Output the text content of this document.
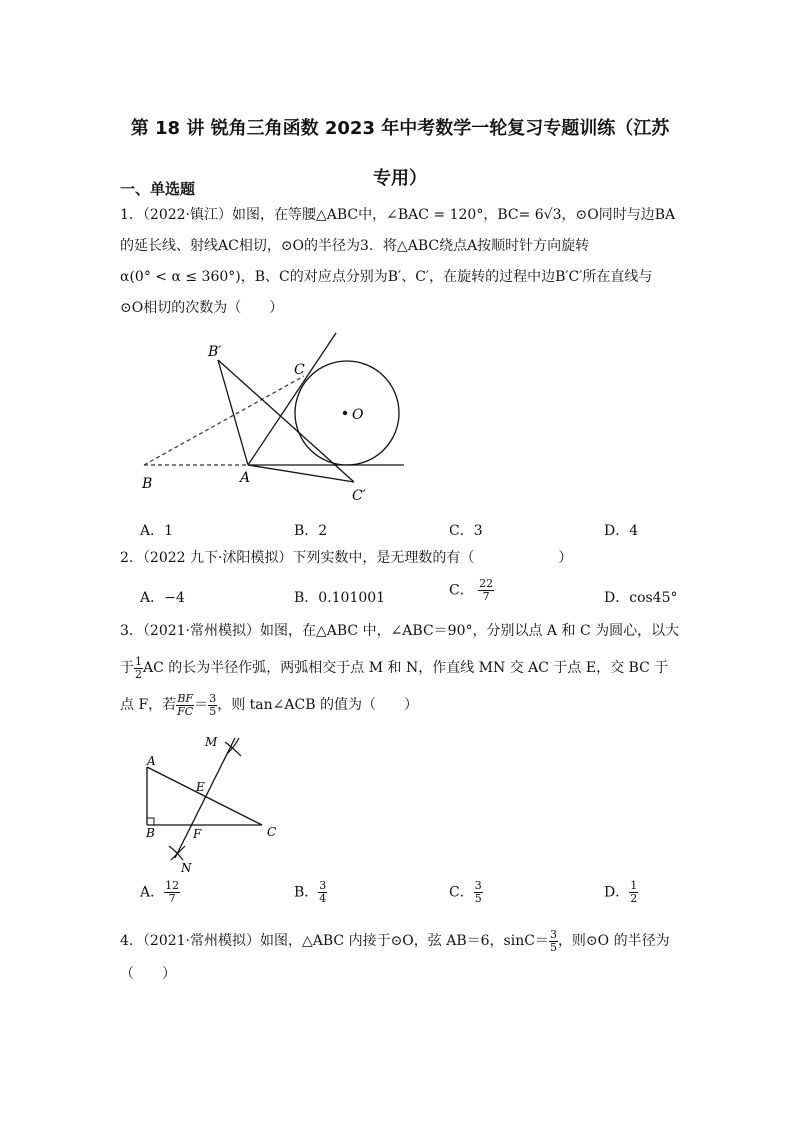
第 18 讲 锐角三角函数 2023 年中考数学一轮复习专题训练（江苏
专用）
一、单选题
1．（2022·镇江）如图，在等腰△ABC中，∠BAC = 120°，BC= 6√3，⊙O同时与边BA
的延长线、射线AC相切，⊙O的半径为3．将△ABC绕点A按顺时针方向旋转
α(0° < α ≤ 360°)，B、C的对应点分别为B′、C′，在旋转的过程中边B′C′所在直线与
⊙O相切的次数为（　　）
B′
C
O
B	A
C′
A．1	B．2	C．3	D．4
2．（2022 九下·沭阳模拟）下列实数中，是无理数的有（　　　　　　）
A．−4	B．0.101001	C． $\frac{22}{7}$	D．cos45°
3．（2021·常州模拟）如图，在△ABC 中，∠ABC＝90°，分别以点 A 和 C 为圆心，以大
于 $\frac{1}{2}$ AC 的长为半径作弧，两弧相交于点 M 和 N，作直线 MN 交 AC 于点 E，交 BC 于
点 F，若 $\frac{BF}{FC} = \frac{3}{5}$ ，则 tan∠ACB 的值为（　　）
M
A
E
B	F	C
N
A． $\frac{12}{7}$	B． $\frac{3}{4}$	C． $\frac{3}{5}$	D． $\frac{1}{2}$
4．（2021·常州模拟）如图，△ABC 内接于⊙O，弦 AB＝6，$\sin C= \frac{3}{5}$ ，则⊙O 的半径为
（　　）
